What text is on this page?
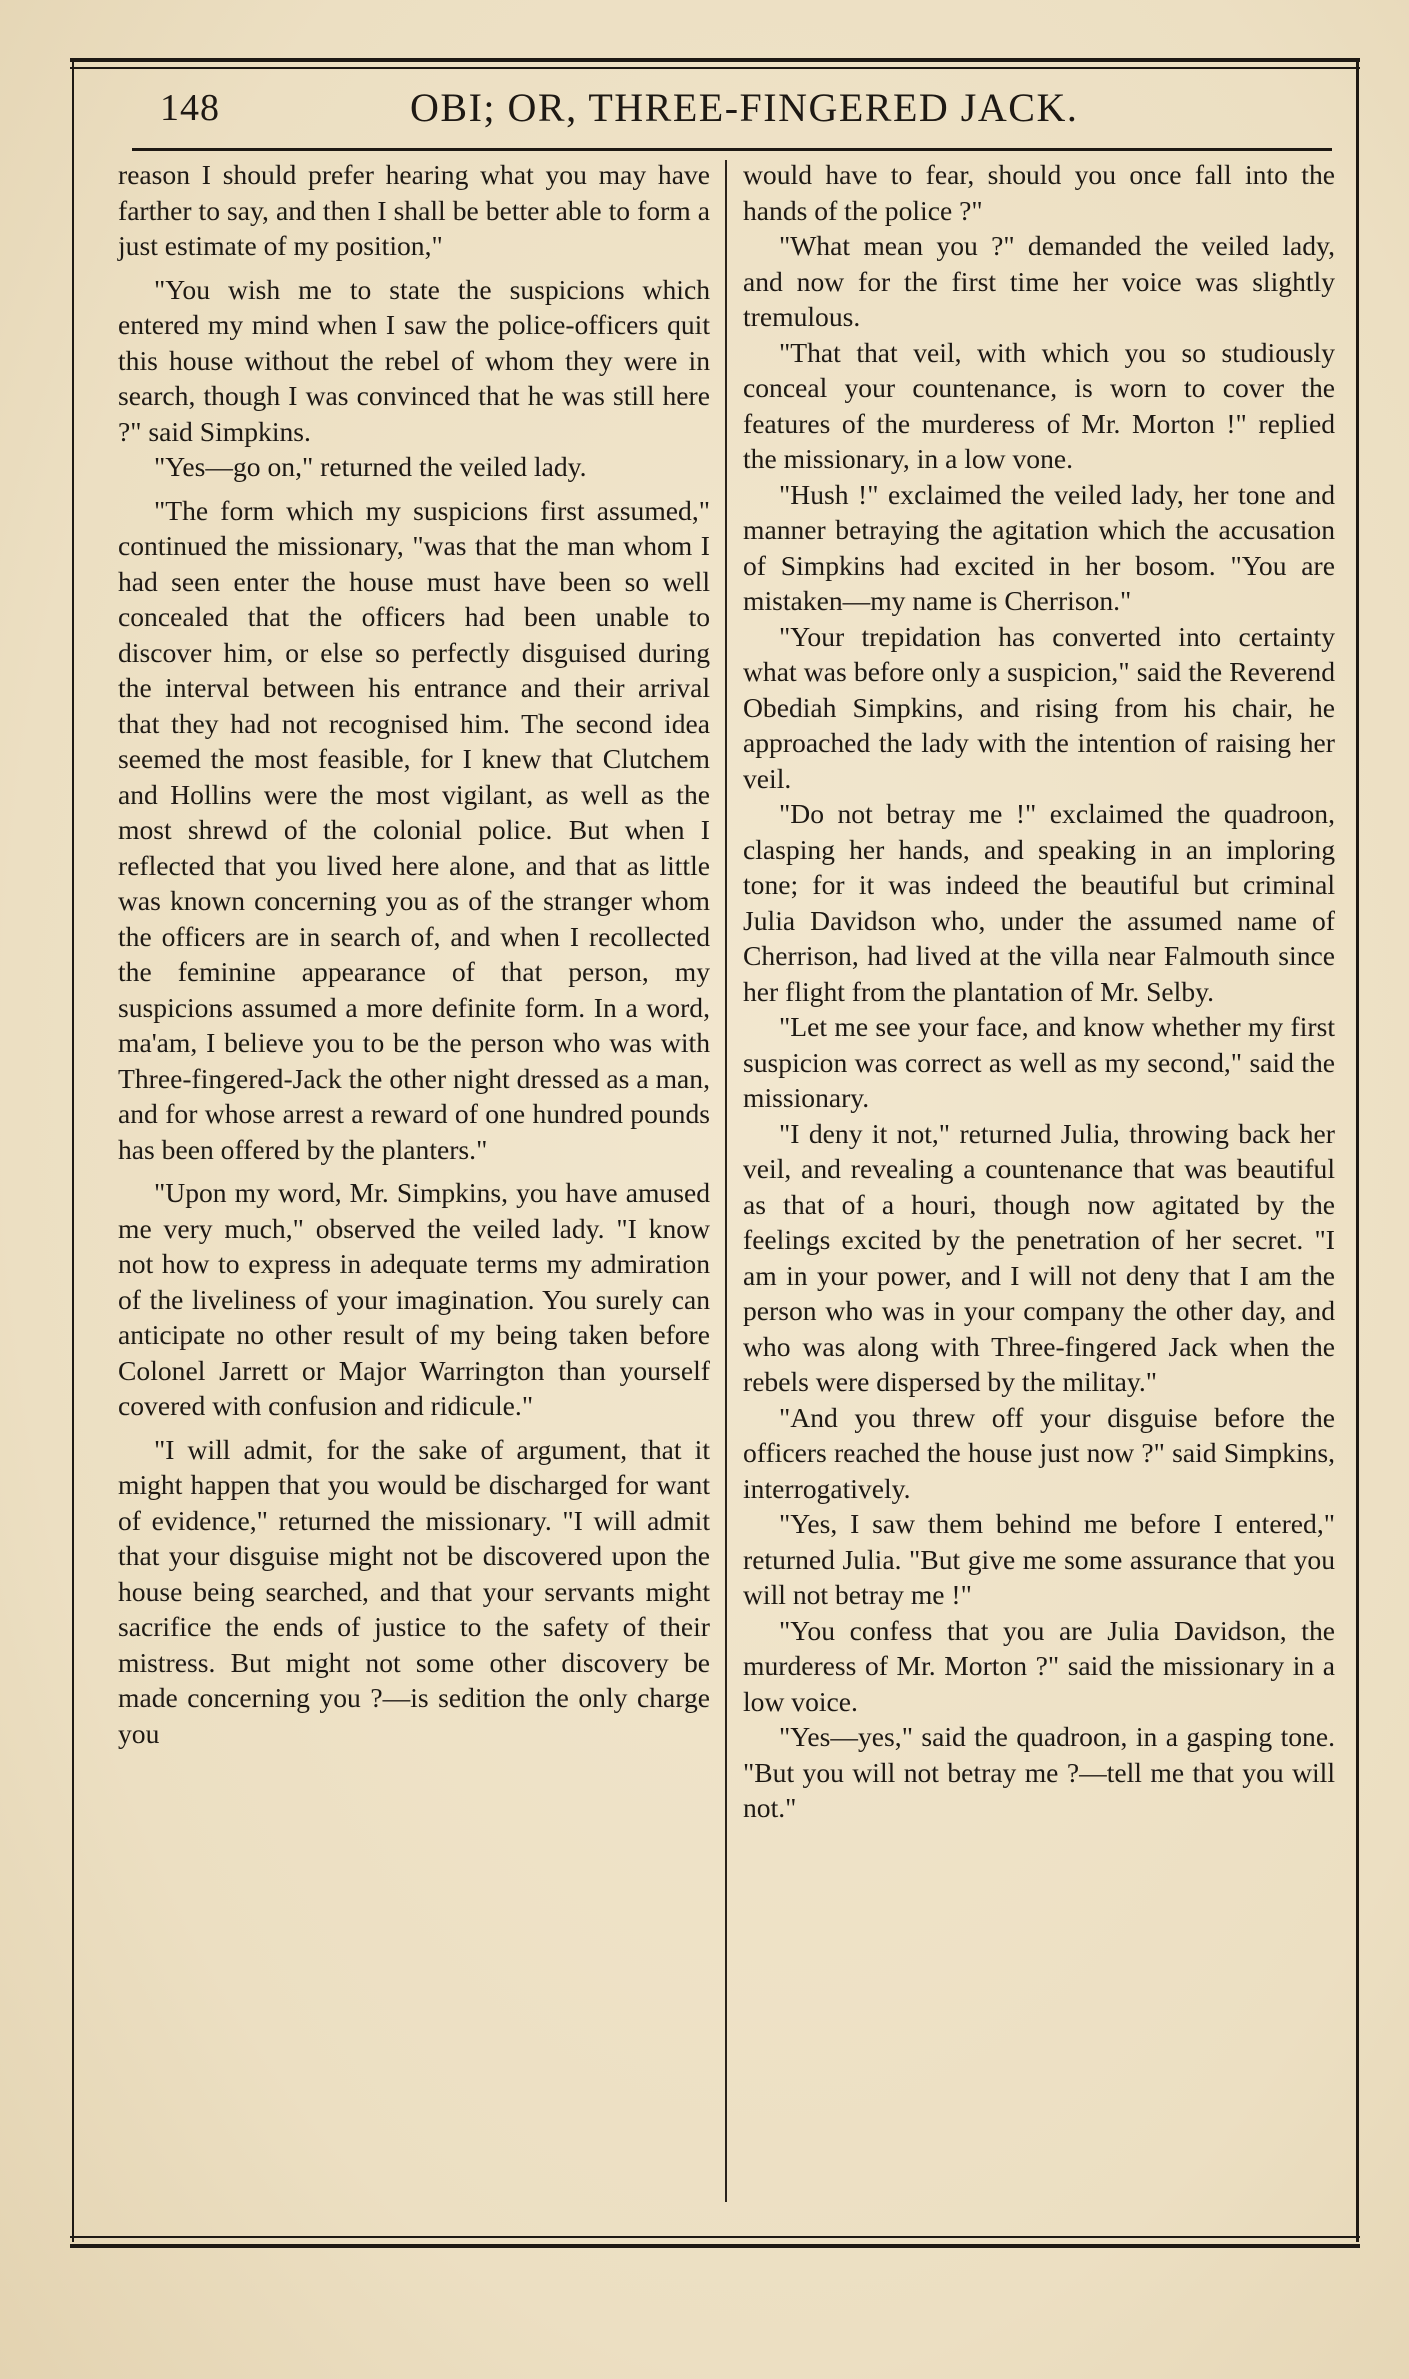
148	OBI; OR, THREE-FINGERED JACK.

reason I should prefer hearing what you may have farther to say, and then I shall be better able to form a just estimate of my position,"

"You wish me to state the suspicions which entered my mind when I saw the police-officers quit this house without the rebel of whom they were in search, though I was convinced that he was still here ?" said Simpkins.

"Yes—go on," returned the veiled lady.

"The form which my suspicions first assumed," continued the missionary, "was that the man whom I had seen enter the house must have been so well concealed that the officers had been unable to discover him, or else so perfectly disguised during the interval between his entrance and their arrival that they had not recognised him. The second idea seemed the most feasible, for I knew that Clutchem and Hollins were the most vigilant, as well as the most shrewd of the colonial police. But when I reflected that you lived here alone, and that as little was known concerning you as of the stranger whom the officers are in search of, and when I recollected the feminine appearance of that person, my suspicions assumed a more definite form. In a word, ma'am, I believe you to be the person who was with Three-fingered-Jack the other night dressed as a man, and for whose arrest a reward of one hundred pounds has been offered by the planters."

"Upon my word, Mr. Simpkins, you have amused me very much," observed the veiled lady. "I know not how to express in adequate terms my admiration of the liveliness of your imagination. You surely can anticipate no other result of my being taken before Colonel Jarrett or Major Warrington than yourself covered with confusion and ridicule."

"I will admit, for the sake of argument, that it might happen that you would be discharged for want of evidence," returned the missionary. "I will admit that your disguise might not be discovered upon the house being searched, and that your servants might sacrifice the ends of justice to the safety of their mistress. But might not some other discovery be made concerning you ?—is sedition the only charge you

would have to fear, should you once fall into the hands of the police ?"

"What mean you ?" demanded the veiled lady, and now for the first time her voice was slightly tremulous.

"That that veil, with which you so studiously conceal your countenance, is worn to cover the features of the murderess of Mr. Morton !" replied the missionary, in a low vone.

"Hush !" exclaimed the veiled lady, her tone and manner betraying the agitation which the accusation of Simpkins had excited in her bosom. "You are mistaken—my name is Cherrison."

"Your trepidation has converted into certainty what was before only a suspicion," said the Reverend Obediah Simpkins, and rising from his chair, he approached the lady with the intention of raising her veil.

"Do not betray me !" exclaimed the quadroon, clasping her hands, and speaking in an imploring tone; for it was indeed the beautiful but criminal Julia Davidson who, under the assumed name of Cherrison, had lived at the villa near Falmouth since her flight from the plantation of Mr. Selby.

"Let me see your face, and know whether my first suspicion was correct as well as my second," said the missionary.

"I deny it not," returned Julia, throwing back her veil, and revealing a countenance that was beautiful as that of a houri, though now agitated by the feelings excited by the penetration of her secret. "I am in your power, and I will not deny that I am the person who was in your company the other day, and who was along with Three-fingered Jack when the rebels were dispersed by the militay."

"And you threw off your disguise before the officers reached the house just now ?" said Simpkins, interrogatively.

"Yes, I saw them behind me before I entered," returned Julia. "But give me some assurance that you will not betray me !"

"You confess that you are Julia Davidson, the murderess of Mr. Morton ?" said the missionary in a low voice.

"Yes—yes," said the quadroon, in a gasping tone. "But you will not betray me ?—tell me that you will not."
